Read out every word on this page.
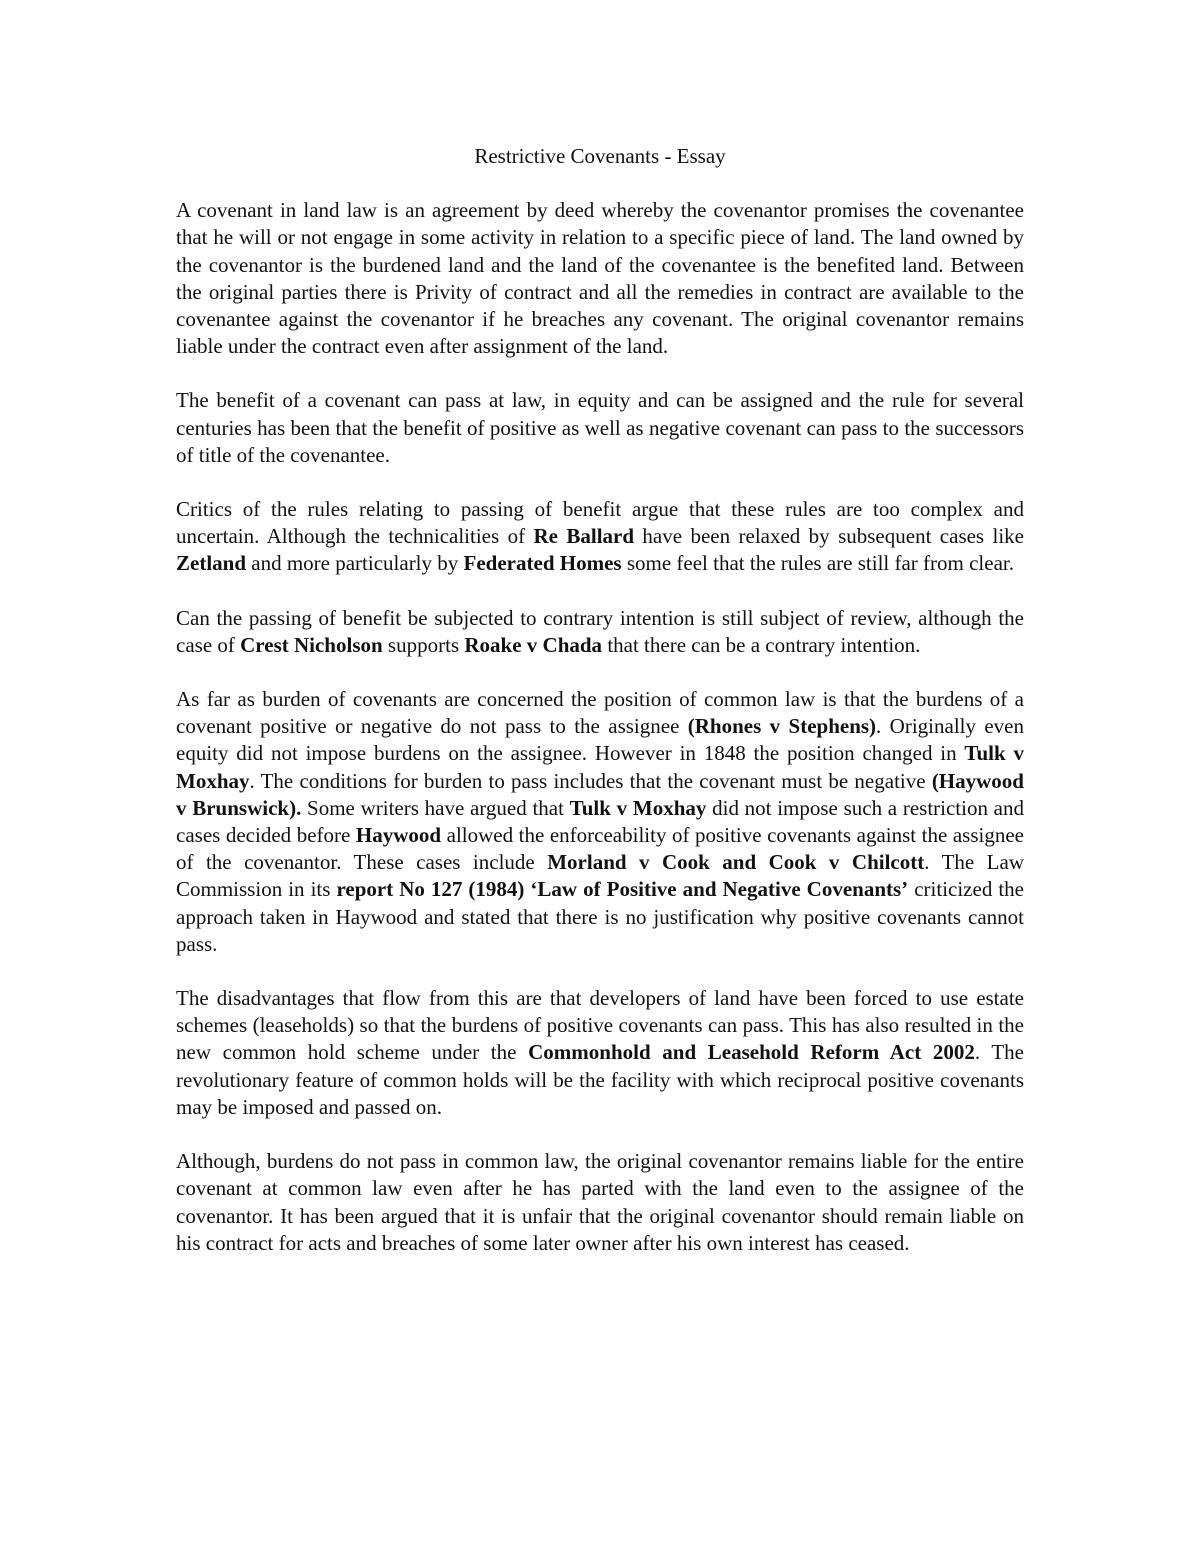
Restrictive Covenants - Essay

A covenant in land law is an agreement by deed whereby the covenantor promises the covenantee that he will or not engage in some activity in relation to a specific piece of land. The land owned by the covenantor is the burdened land and the land of the covenantee is the benefited land. Between the original parties there is Privity of contract and all the remedies in contract are available to the covenantee against the covenantor if he breaches any covenant. The original covenantor remains liable under the contract even after assignment of the land.

The benefit of a covenant can pass at law, in equity and can be assigned and the rule for several centuries has been that the benefit of positive as well as negative covenant can pass to the successors of title of the covenantee.

Critics of the rules relating to passing of benefit argue that these rules are too complex and uncertain. Although the technicalities of Re Ballard have been relaxed by subsequent cases like Zetland and more particularly by Federated Homes some feel that the rules are still far from clear.

Can the passing of benefit be subjected to contrary intention is still subject of review, although the case of Crest Nicholson supports Roake v Chada that there can be a contrary intention.

As far as burden of covenants are concerned the position of common law is that the burdens of a covenant positive or negative do not pass to the assignee (Rhones v Stephens). Originally even equity did not impose burdens on the assignee. However in 1848 the position changed in Tulk v Moxhay. The conditions for burden to pass includes that the covenant must be negative (Haywood v Brunswick). Some writers have argued that Tulk v Moxhay did not impose such a restriction and cases decided before Haywood allowed the enforceability of positive covenants against the assignee of the covenantor. These cases include Morland v Cook and Cook v Chilcott. The Law Commission in its report No 127 (1984) ‘Law of Positive and Negative Covenants’ criticized the approach taken in Haywood and stated that there is no justification why positive covenants cannot pass.

The disadvantages that flow from this are that developers of land have been forced to use estate schemes (leaseholds) so that the burdens of positive covenants can pass. This has also resulted in the new common hold scheme under the Commonhold and Leasehold Reform Act 2002. The revolutionary feature of common holds will be the facility with which reciprocal positive covenants may be imposed and passed on.

Although, burdens do not pass in common law, the original covenantor remains liable for the entire covenant at common law even after he has parted with the land even to the assignee of the covenantor. It has been argued that it is unfair that the original covenantor should remain liable on his contract for acts and breaches of some later owner after his own interest has ceased.
